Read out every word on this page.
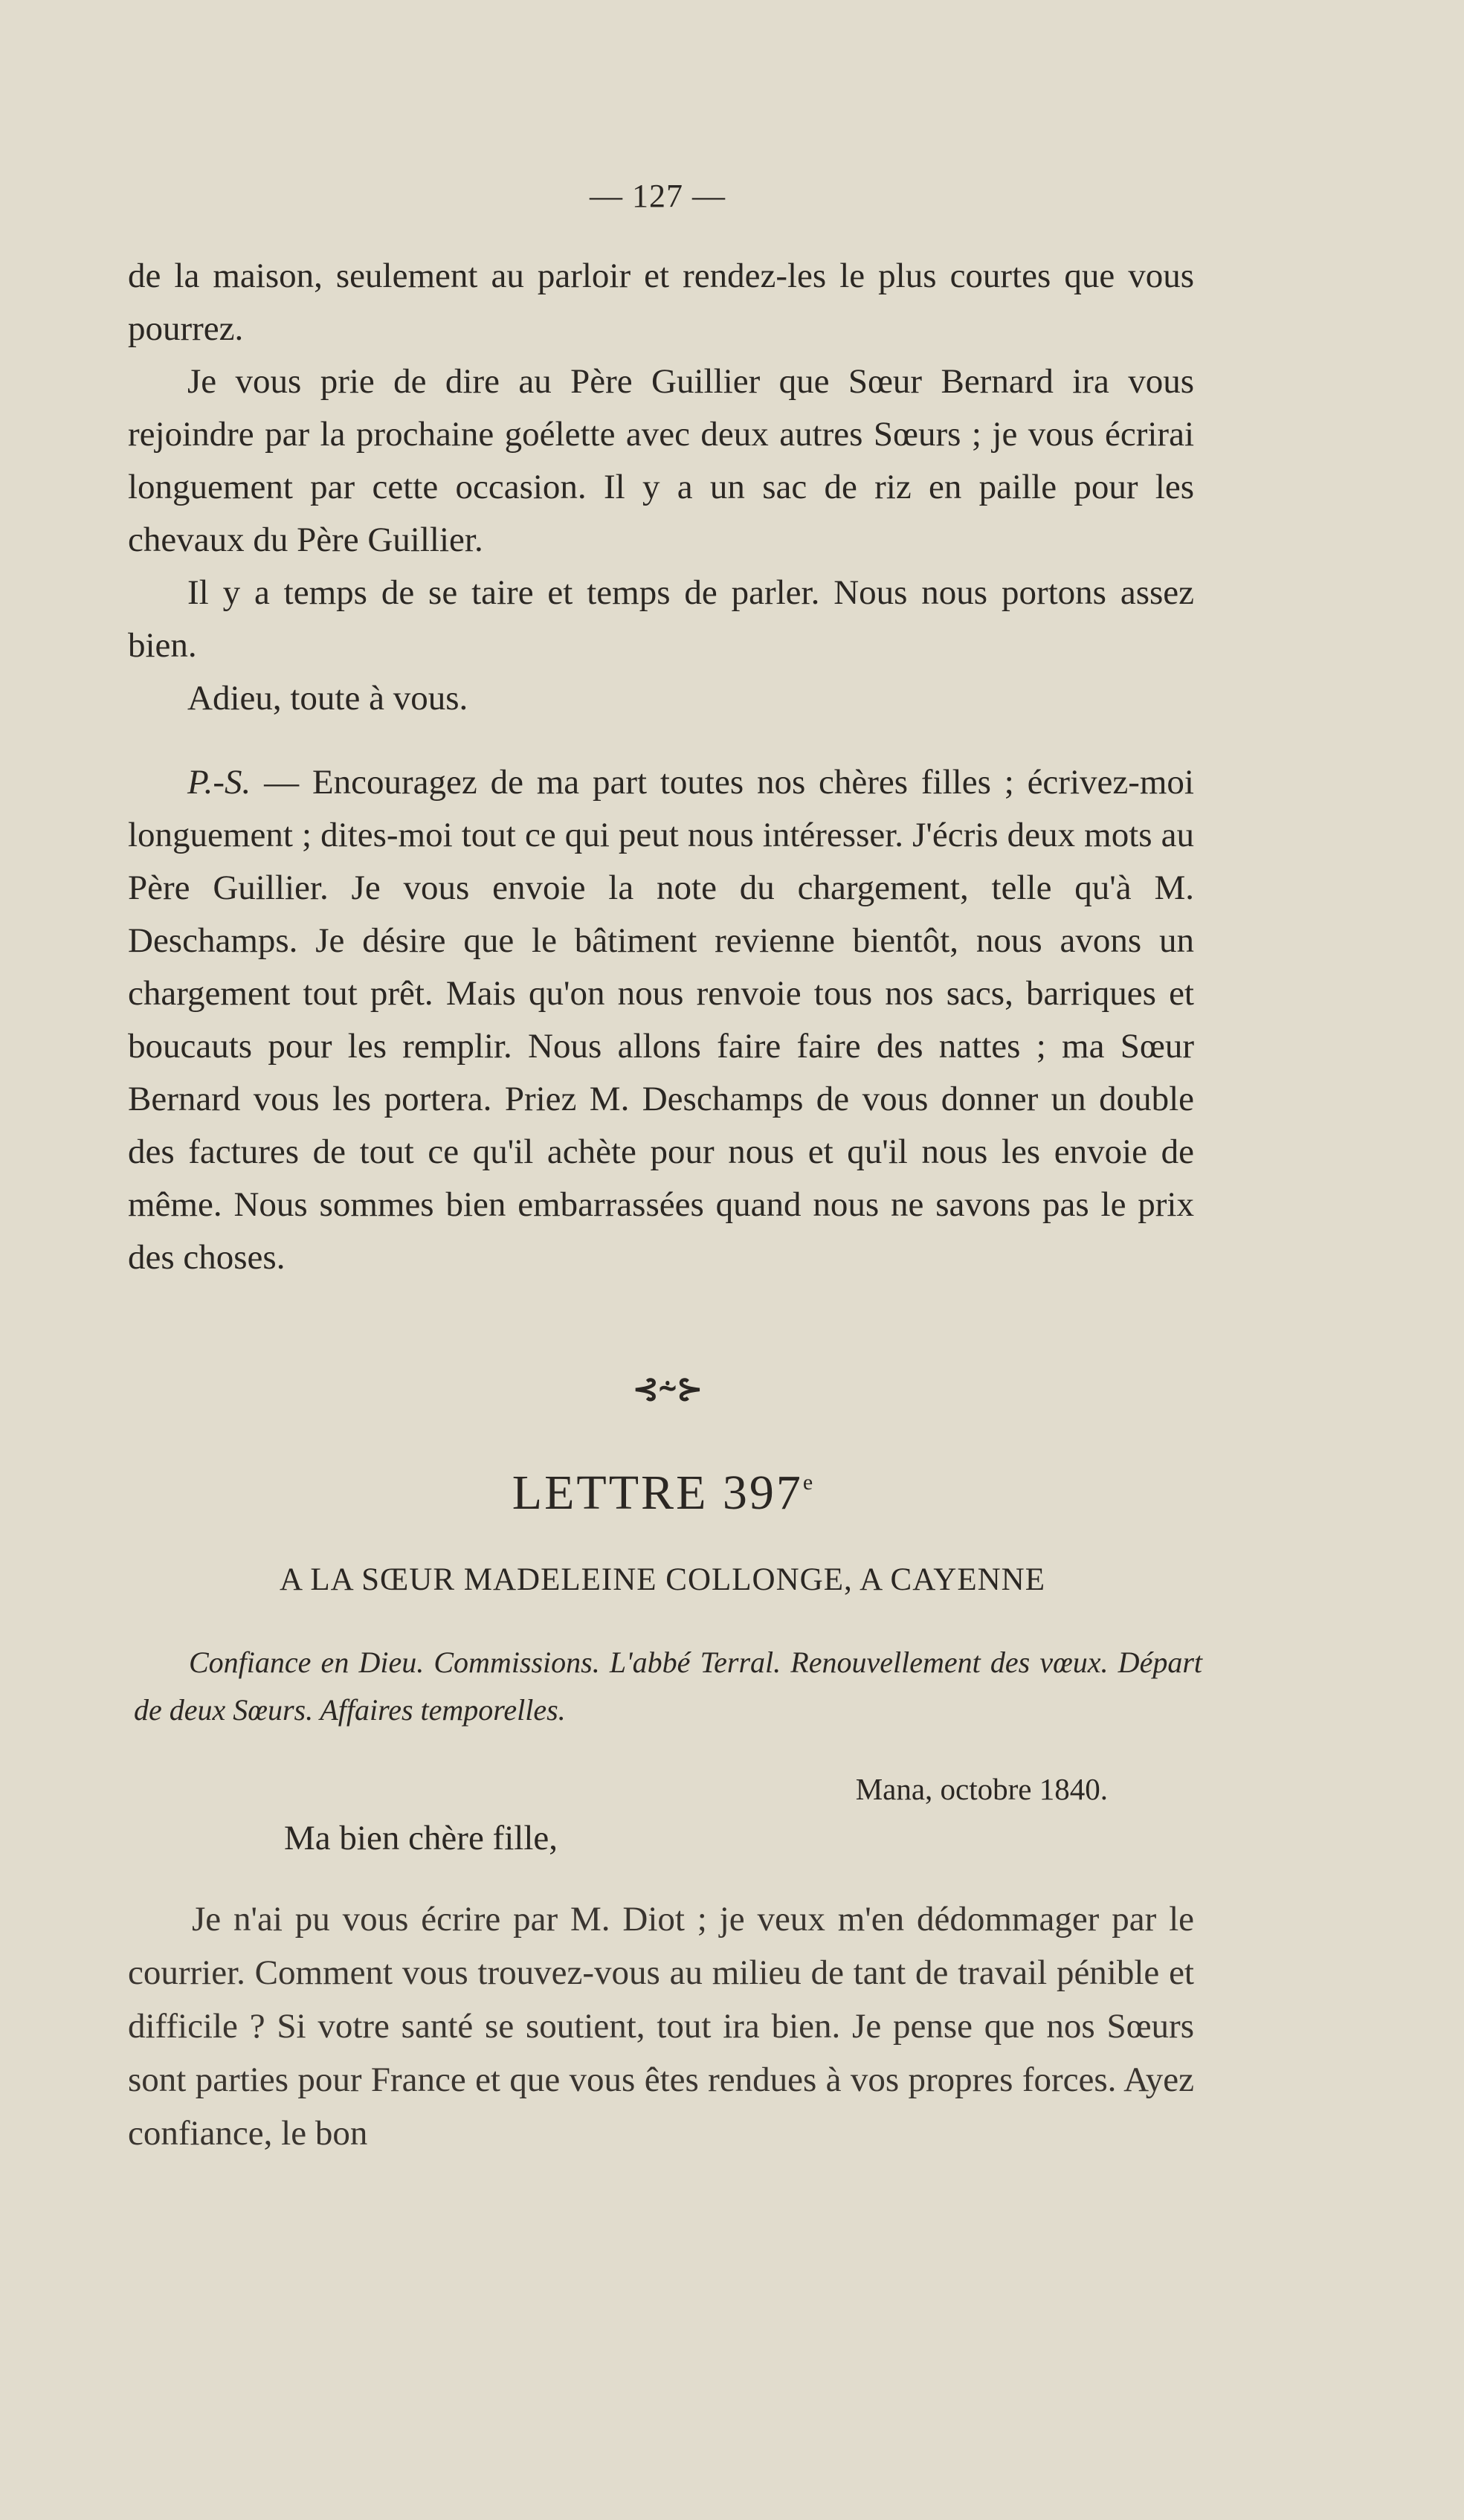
— 127 —

de la maison, seulement au parloir et rendez-les le plus courtes que vous pourrez.

Je vous prie de dire au Père Guillier que Sœur Bernard ira vous rejoindre par la prochaine goélette avec deux autres Sœurs ; je vous écrirai longuement par cette occasion. Il y a un sac de riz en paille pour les chevaux du Père Guillier.

Il y a temps de se taire et temps de parler. Nous nous portons assez bien.

Adieu, toute à vous.

P.-S. — Encouragez de ma part toutes nos chères filles ; écrivez-moi longuement ; dites-moi tout ce qui peut nous intéresser. J'écris deux mots au Père Guillier. Je vous envoie la note du chargement, telle qu'à M. Deschamps. Je désire que le bâtiment revienne bientôt, nous avons un chargement tout prêt. Mais qu'on nous renvoie tous nos sacs, barriques et boucauts pour les remplir. Nous allons faire faire des nattes ; ma Sœur Bernard vous les portera. Priez M. Deschamps de vous donner un double des factures de tout ce qu'il achète pour nous et qu'il nous les envoie de même. Nous sommes bien embarrassées quand nous ne savons pas le prix des choses.

⊰⸞⊱
LETTRE 397e
A LA SŒUR MADELEINE COLLONGE, A CAYENNE
Confiance en Dieu. Commissions. L'abbé Terral. Renouvellement des vœux. Départ de deux Sœurs. Affaires temporelles.
Mana, octobre 1840.
Ma bien chère fille,
Je n'ai pu vous écrire par M. Diot ; je veux m'en dédommager par le courrier. Comment vous trouvez-vous au milieu de tant de travail pénible et difficile ? Si votre santé se soutient, tout ira bien. Je pense que nos Sœurs sont parties pour France et que vous êtes rendues à vos propres forces. Ayez confiance, le bon
